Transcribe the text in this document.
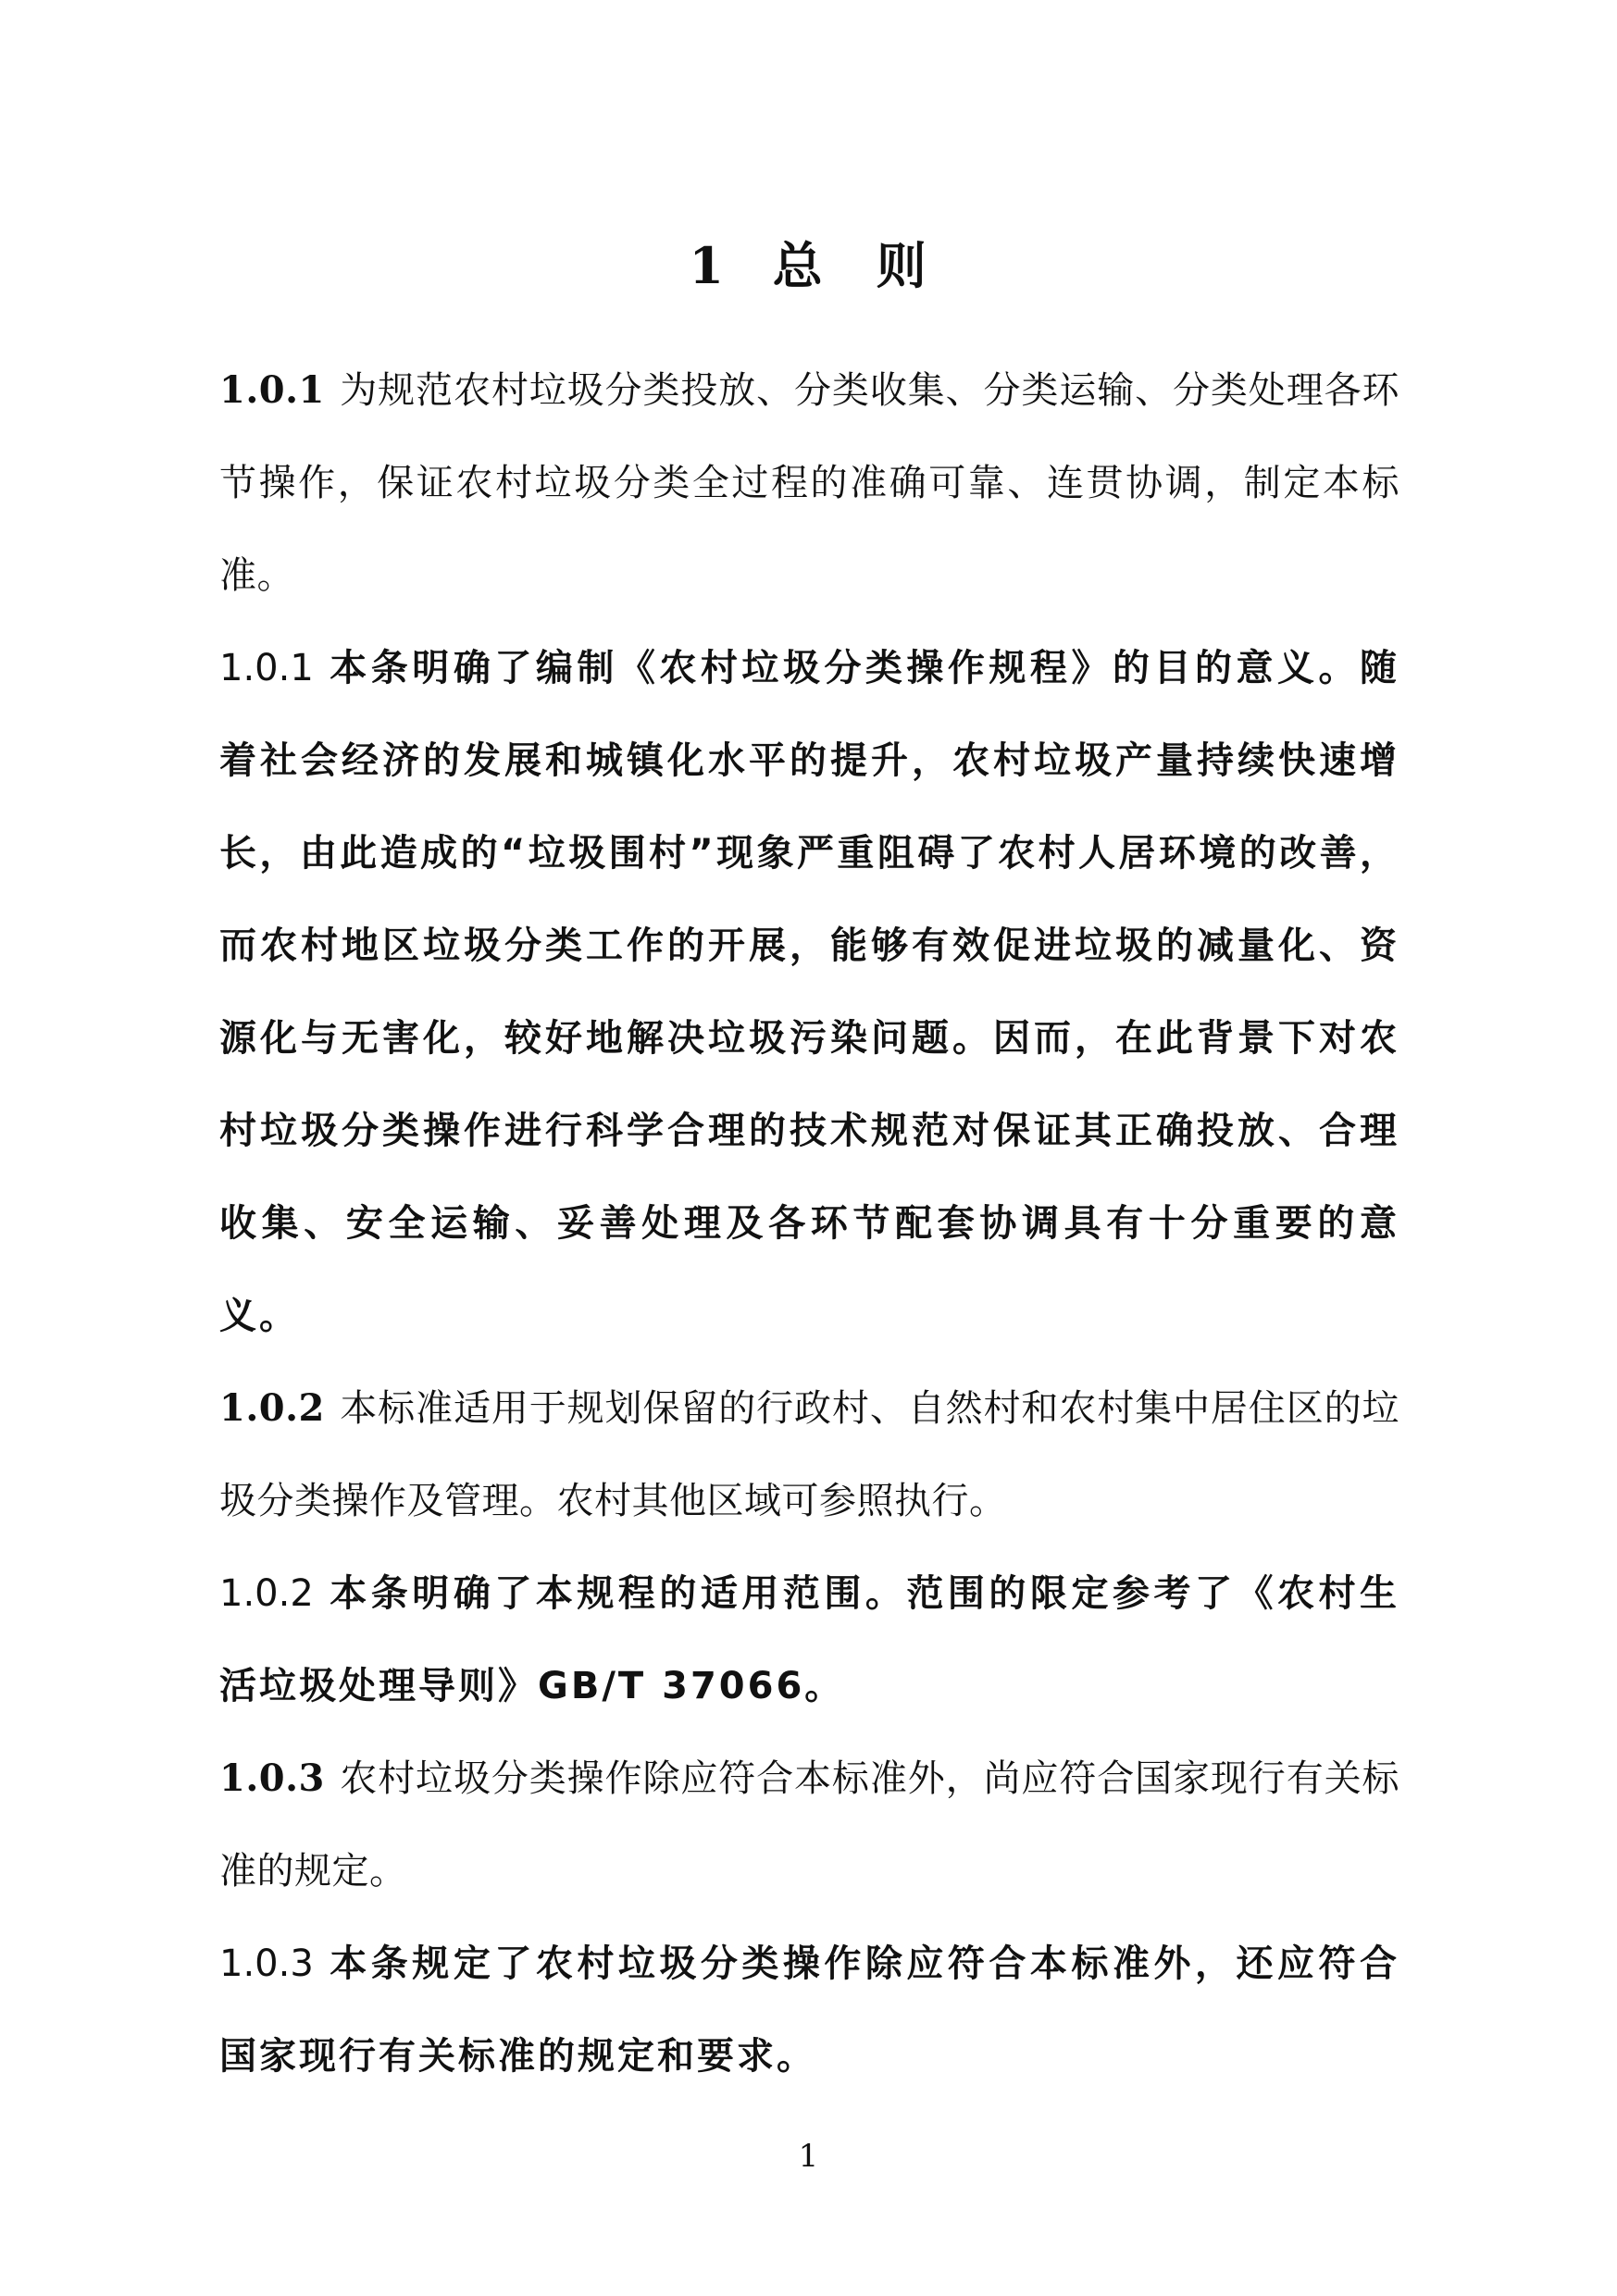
1 总　则

1.0.1 为规范农村垃圾分类投放、分类收集、分类运输、分类处理各环节操作，保证农村垃圾分类全过程的准确可靠、连贯协调，制定本标准。

1.0.1 本条明确了编制《农村垃圾分类操作规程》的目的意义。随着社会经济的发展和城镇化水平的提升，农村垃圾产量持续快速增长，由此造成的“垃圾围村”现象严重阻碍了农村人居环境的改善，而农村地区垃圾分类工作的开展，能够有效促进垃圾的减量化、资源化与无害化，较好地解决垃圾污染问题。因而，在此背景下对农村垃圾分类操作进行科学合理的技术规范对保证其正确投放、合理收集、安全运输、妥善处理及各环节配套协调具有十分重要的意义。

1.0.2 本标准适用于规划保留的行政村、自然村和农村集中居住区的垃圾分类操作及管理。农村其他区域可参照执行。

1.0.2 本条明确了本规程的适用范围。范围的限定参考了《农村生活垃圾处理导则》GB/T 37066。

1.0.3 农村垃圾分类操作除应符合本标准外，尚应符合国家现行有关标准的规定。

1.0.3 本条规定了农村垃圾分类操作除应符合本标准外，还应符合国家现行有关标准的规定和要求。

1
